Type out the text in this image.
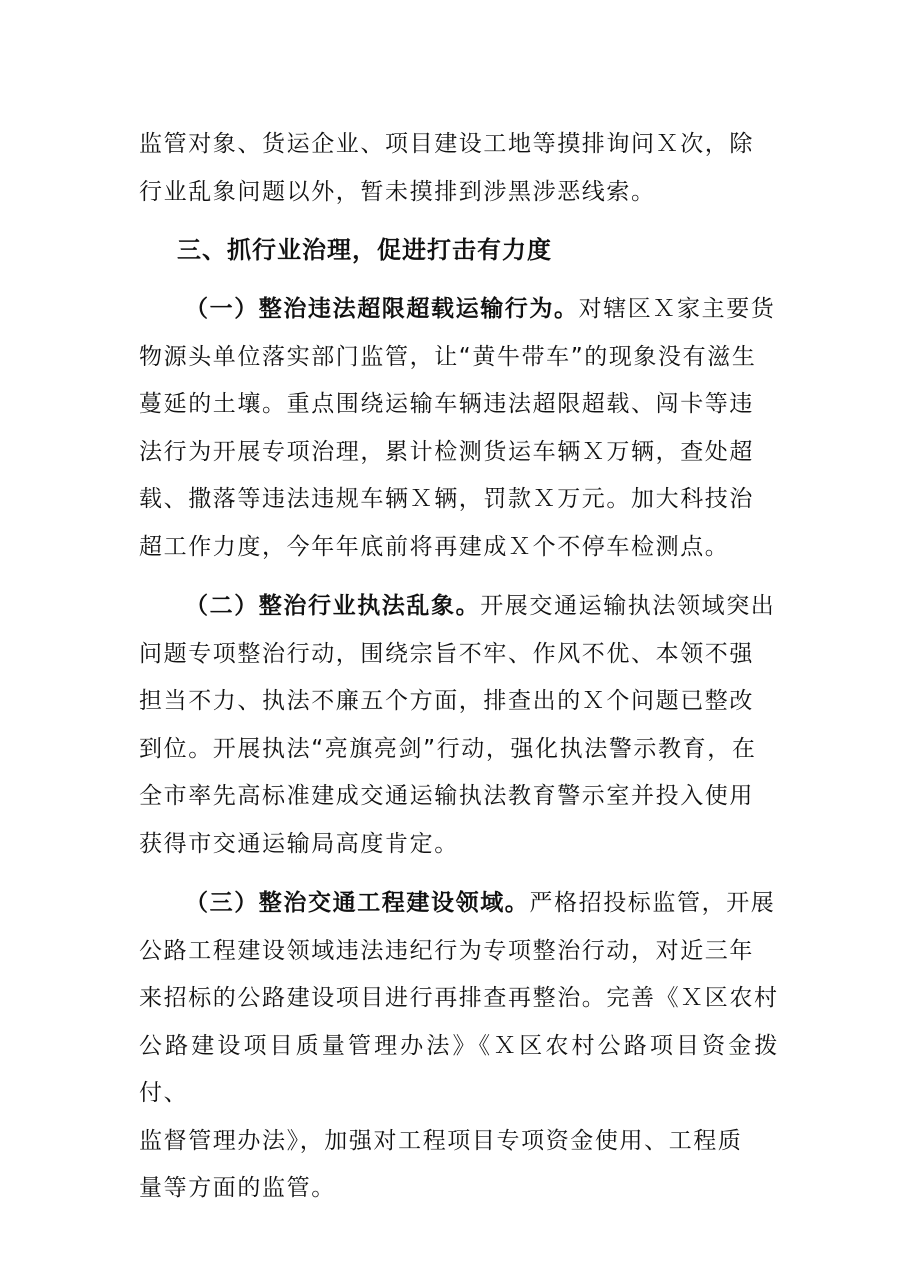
监管对象、货运企业、项目建设工地等摸排询问Ｘ次，除
行业乱象问题以外，暂未摸排到涉黑涉恶线索。
三、抓行业治理，促进打击有力度
（一）整治违法超限超载运输行为。对辖区Ｘ家主要货
物源头单位落实部门监管，让“黄牛带车”的现象没有滋生
蔓延的土壤。重点围绕运输车辆违法超限超载、闯卡等违
法行为开展专项治理，累计检测货运车辆Ｘ万辆，查处超
载、撒落等违法违规车辆Ｘ辆，罚款Ｘ万元。加大科技治
超工作力度，今年年底前将再建成Ｘ个不停车检测点。
（二）整治行业执法乱象。开展交通运输执法领域突出
问题专项整治行动，围绕宗旨不牢、作风不优、本领不强
担当不力、执法不廉五个方面，排查出的Ｘ个问题已整改
到位。开展执法“亮旗亮剑”行动，强化执法警示教育，在
全市率先高标准建成交通运输执法教育警示室并投入使用
获得市交通运输局高度肯定。
（三）整治交通工程建设领域。严格招投标监管，开展
公路工程建设领域违法违纪行为专项整治行动，对近三年
来招标的公路建设项目进行再排查再整治。完善《Ｘ区农村
公路建设项目质量管理办法》《Ｘ区农村公路项目资金拨付、
监督管理办法》，加强对工程项目专项资金使用、工程质
量等方面的监管。
